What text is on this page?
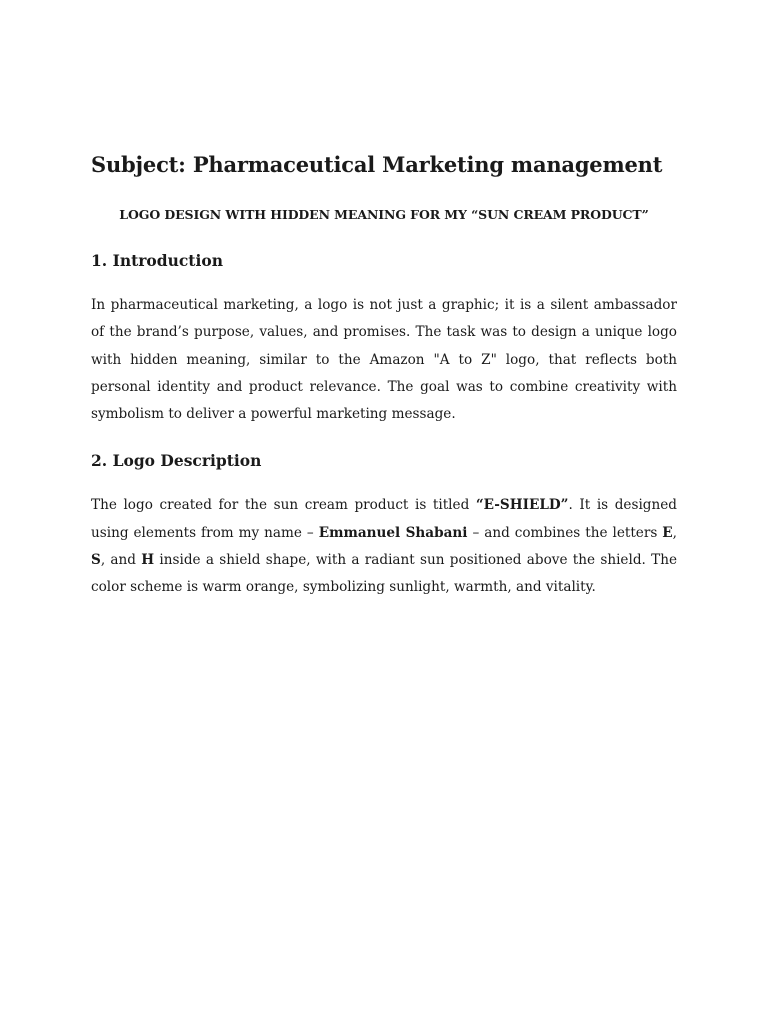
Subject: Pharmaceutical Marketing management
LOGO DESIGN WITH HIDDEN MEANING FOR MY “SUN CREAM PRODUCT”
1. Introduction

In pharmaceutical marketing, a logo is not just a graphic; it is a silent ambassador of the brand’s purpose, values, and promises. The task was to design a unique logo with hidden meaning, similar to the Amazon "A to Z" logo, that reflects both personal identity and product relevance. The goal was to combine creativity with symbolism to deliver a powerful marketing message.

2. Logo Description

The logo created for the sun cream product is titled “E-SHIELD”. It is designed using elements from my name – Emmanuel Shabani – and combines the letters E, S, and H inside a shield shape, with a radiant sun positioned above the shield. The color scheme is warm orange, symbolizing sunlight, warmth, and vitality.
